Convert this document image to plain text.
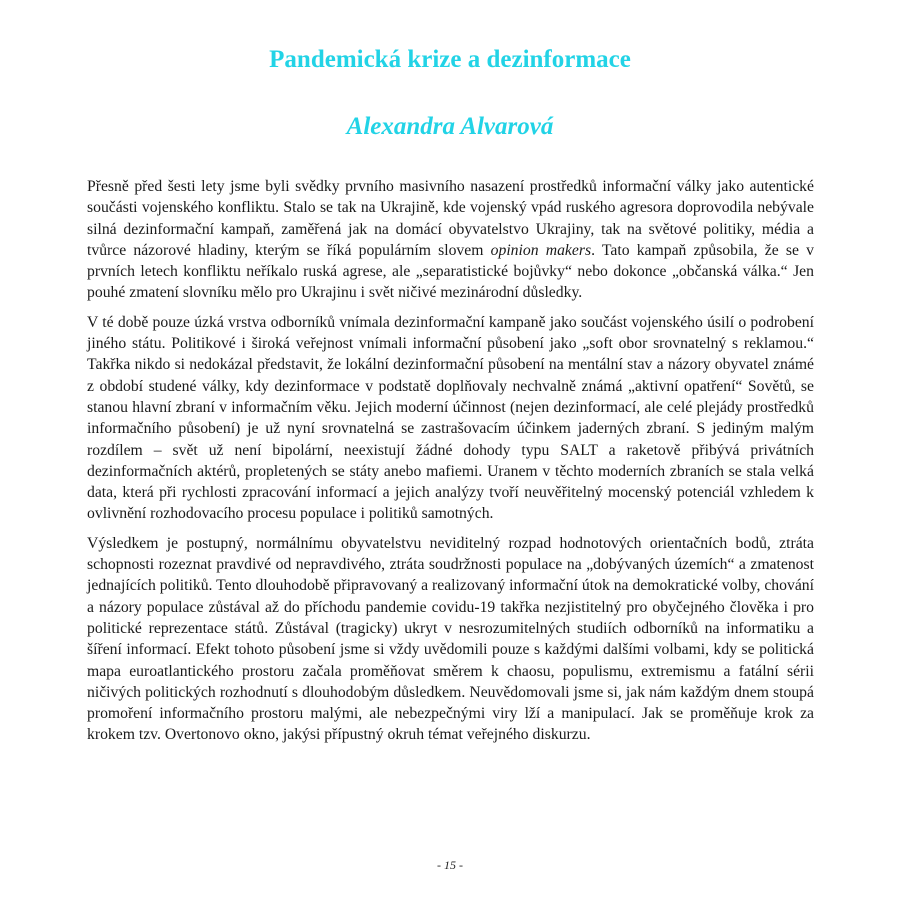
Pandemická krize a dezinformace
Alexandra Alvarová

Přesně před šesti lety jsme byli svědky prvního masivního nasazení prostředků informační války jako autentické součásti vojenského konfliktu. Stalo se tak na Ukrajině, kde vojenský vpád ruského agresora doprovodila nebývale silná dezinformační kampaň, zaměřená jak na domácí obyvatelstvo Ukrajiny, tak na světové politiky, média a tvůrce názorové hladiny, kterým se říká populárním slovem opinion makers. Tato kampaň způsobila, že se v prvních letech konfliktu neříkalo ruská agrese, ale „separatistické bojůvky“ nebo dokonce „občanská válka.“ Jen pouhé zmatení slovníku mělo pro Ukrajinu i svět ničivé mezinárodní důsledky.

V té době pouze úzká vrstva odborníků vnímala dezinformační kampaně jako součást vojenského úsilí o podrobení jiného státu. Politikové i široká veřejnost vnímali informační působení jako „soft obor srovnatelný s reklamou.“ Takřka nikdo si nedokázal představit, že lokální dezinformační působení na mentální stav a názory obyvatel známé z období studené války, kdy dezinformace v podstatě doplňovaly nechvalně známá „aktivní opatření“ Sovětů, se stanou hlavní zbraní v informačním věku. Jejich moderní účinnost (nejen dezinformací, ale celé plejády prostředků informačního působení) je už nyní srovnatelná se zastrašovacím účinkem jaderných zbraní. S jediným malým rozdílem – svět už není bipolární, neexistují žádné dohody typu SALT a raketově přibývá privátních dezinformačních aktérů, propletených se státy anebo mafiemi. Uranem v těchto moderních zbraních se stala velká data, která při rychlosti zpracování informací a jejich analýzy tvoří neuvěřitelný mocenský potenciál vzhledem k ovlivnění rozhodovacího procesu populace i politiků samotných.

Výsledkem je postupný, normálnímu obyvatelstvu neviditelný rozpad hodnotových orientačních bodů, ztráta schopnosti rozeznat pravdivé od nepravdivého, ztráta soudržnosti populace na „dobývaných územích“ a zmatenost jednajících politiků. Tento dlouhodobě připravovaný a realizovaný informační útok na demokratické volby, chování a názory populace zůstával až do příchodu pandemie covidu-19 takřka nezjistitelný pro obyčejného člověka i pro politické reprezentace států. Zůstával (tragicky) ukryt v nesrozumitelných studiích odborníků na informatiku a šíření informací. Efekt tohoto působení jsme si vždy uvědomili pouze s každými dalšími volbami, kdy se politická mapa euroatlantického prostoru začala proměňovat směrem k chaosu, populismu, extremismu a fatální sérii ničivých politických rozhodnutí s dlouhodobým důsledkem. Neuvědomovali jsme si, jak nám každým dnem stoupá promoření informačního prostoru malými, ale nebezpečnými viry lží a manipulací. Jak se proměňuje krok za krokem tzv. Overtonovo okno, jakýsi přípustný okruh témat veřejného diskurzu.

- 15 -
